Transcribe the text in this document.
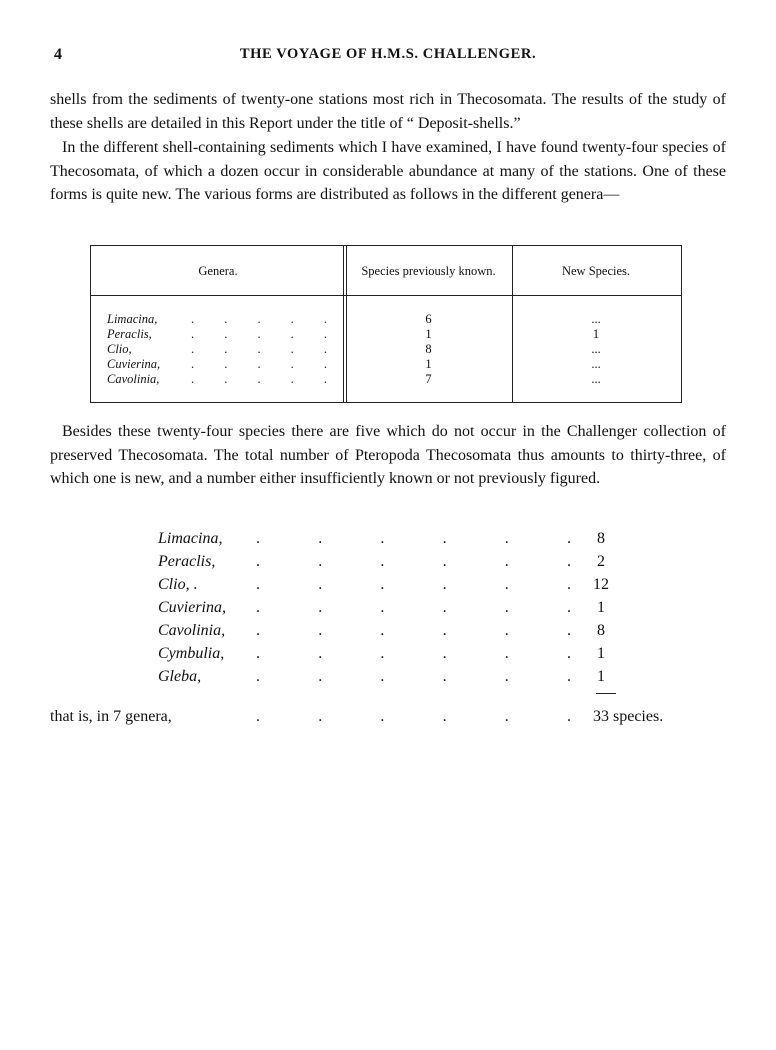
4	THE VOYAGE OF H.M.S. CHALLENGER.

shells from the sediments of twenty-one stations most rich in Thecosomata. The results of the study of these shells are detailed in this Report under the title of “ Deposit-shells.”

In the different shell-containing sediments which I have examined, I have found twenty-four species of Thecosomata, of which a dozen occur in considerable abundance at many of the stations. One of these forms is quite new. The various forms are distributed as follows in the different genera—

Genera.	Species previously known.	New Species.
Limacina,	. . . . .	6	...
Peraclis,	. . . . .	1	1
Clio,	. . . . .	8	...
Cuvierina, . . . . .	1	...
Cavolinia,	. . . . .	7	...

Besides these twenty-four species there are five which do not occur in the Challenger collection of preserved Thecosomata. The total number of Pteropoda Thecosomata thus amounts to thirty-three, of which one is new, and a number either insufficiently known or not previously figured.

Limacina, .	.	.	.	.	.	8
Peraclis,	.	.	.	.	.	.	2
Clio, .	.	.	.	.	.	.	12
Cuvierina, .	.	.	.	.	.	1
Cavolinia, .	.	.	.	.	.	8
Cymbulia, .	.	.	.	.	.	1
Gleba,	.	.	.	.	.	.	1
that is, in 7 genera,	.	.	.	.	.	. 33 species.
